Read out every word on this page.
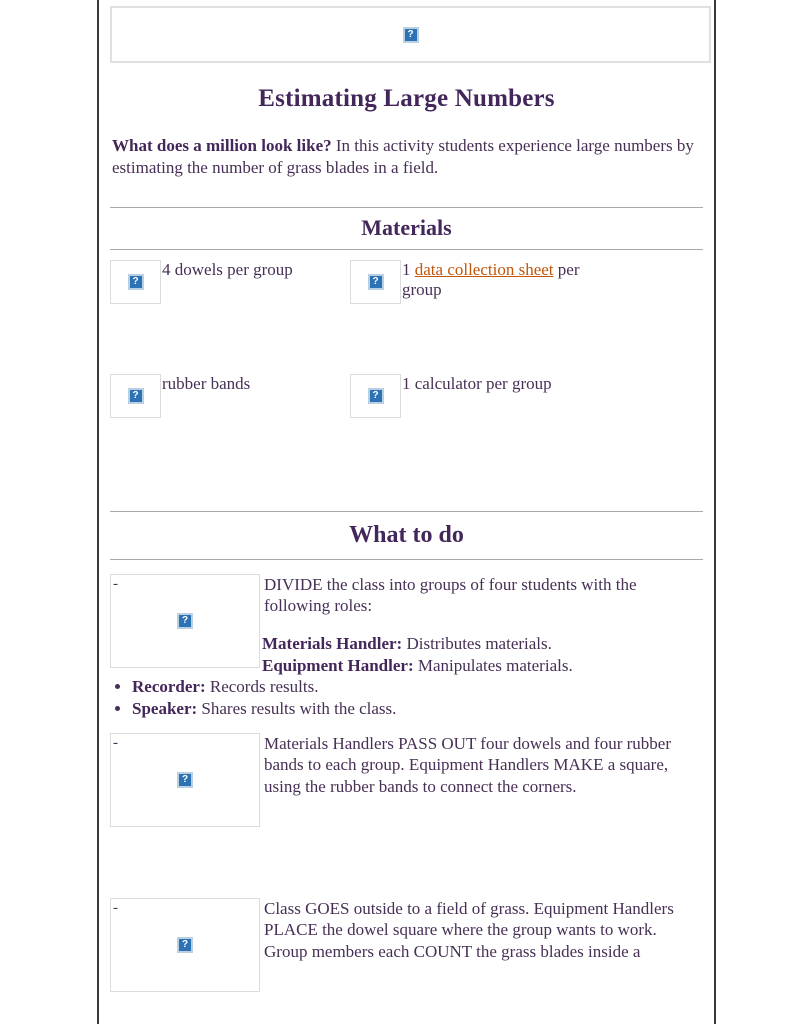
?
Estimating Large Numbers

What does a million look like? In this activity students experience large numbers by estimating the number of grass blades in a field.

Materials
?
4 dowels per group
?
1 data collection sheet per group
?
rubber bands
?
1 calculator per group
What to do
-
?
DIVIDE the class into groups of four students with the following roles:
• Materials Handler: Distributes materials.
• Equipment Handler: Manipulates materials.
• Recorder: Records results.
• Speaker: Shares results with the class.
-
?
Materials Handlers PASS OUT four dowels and four rubber bands to each group. Equipment Handlers MAKE a square, using the rubber bands to connect the corners.
-
?
Class GOES outside to a field of grass. Equipment Handlers PLACE the dowel square where the group wants to work. Group members each COUNT the grass blades inside a
